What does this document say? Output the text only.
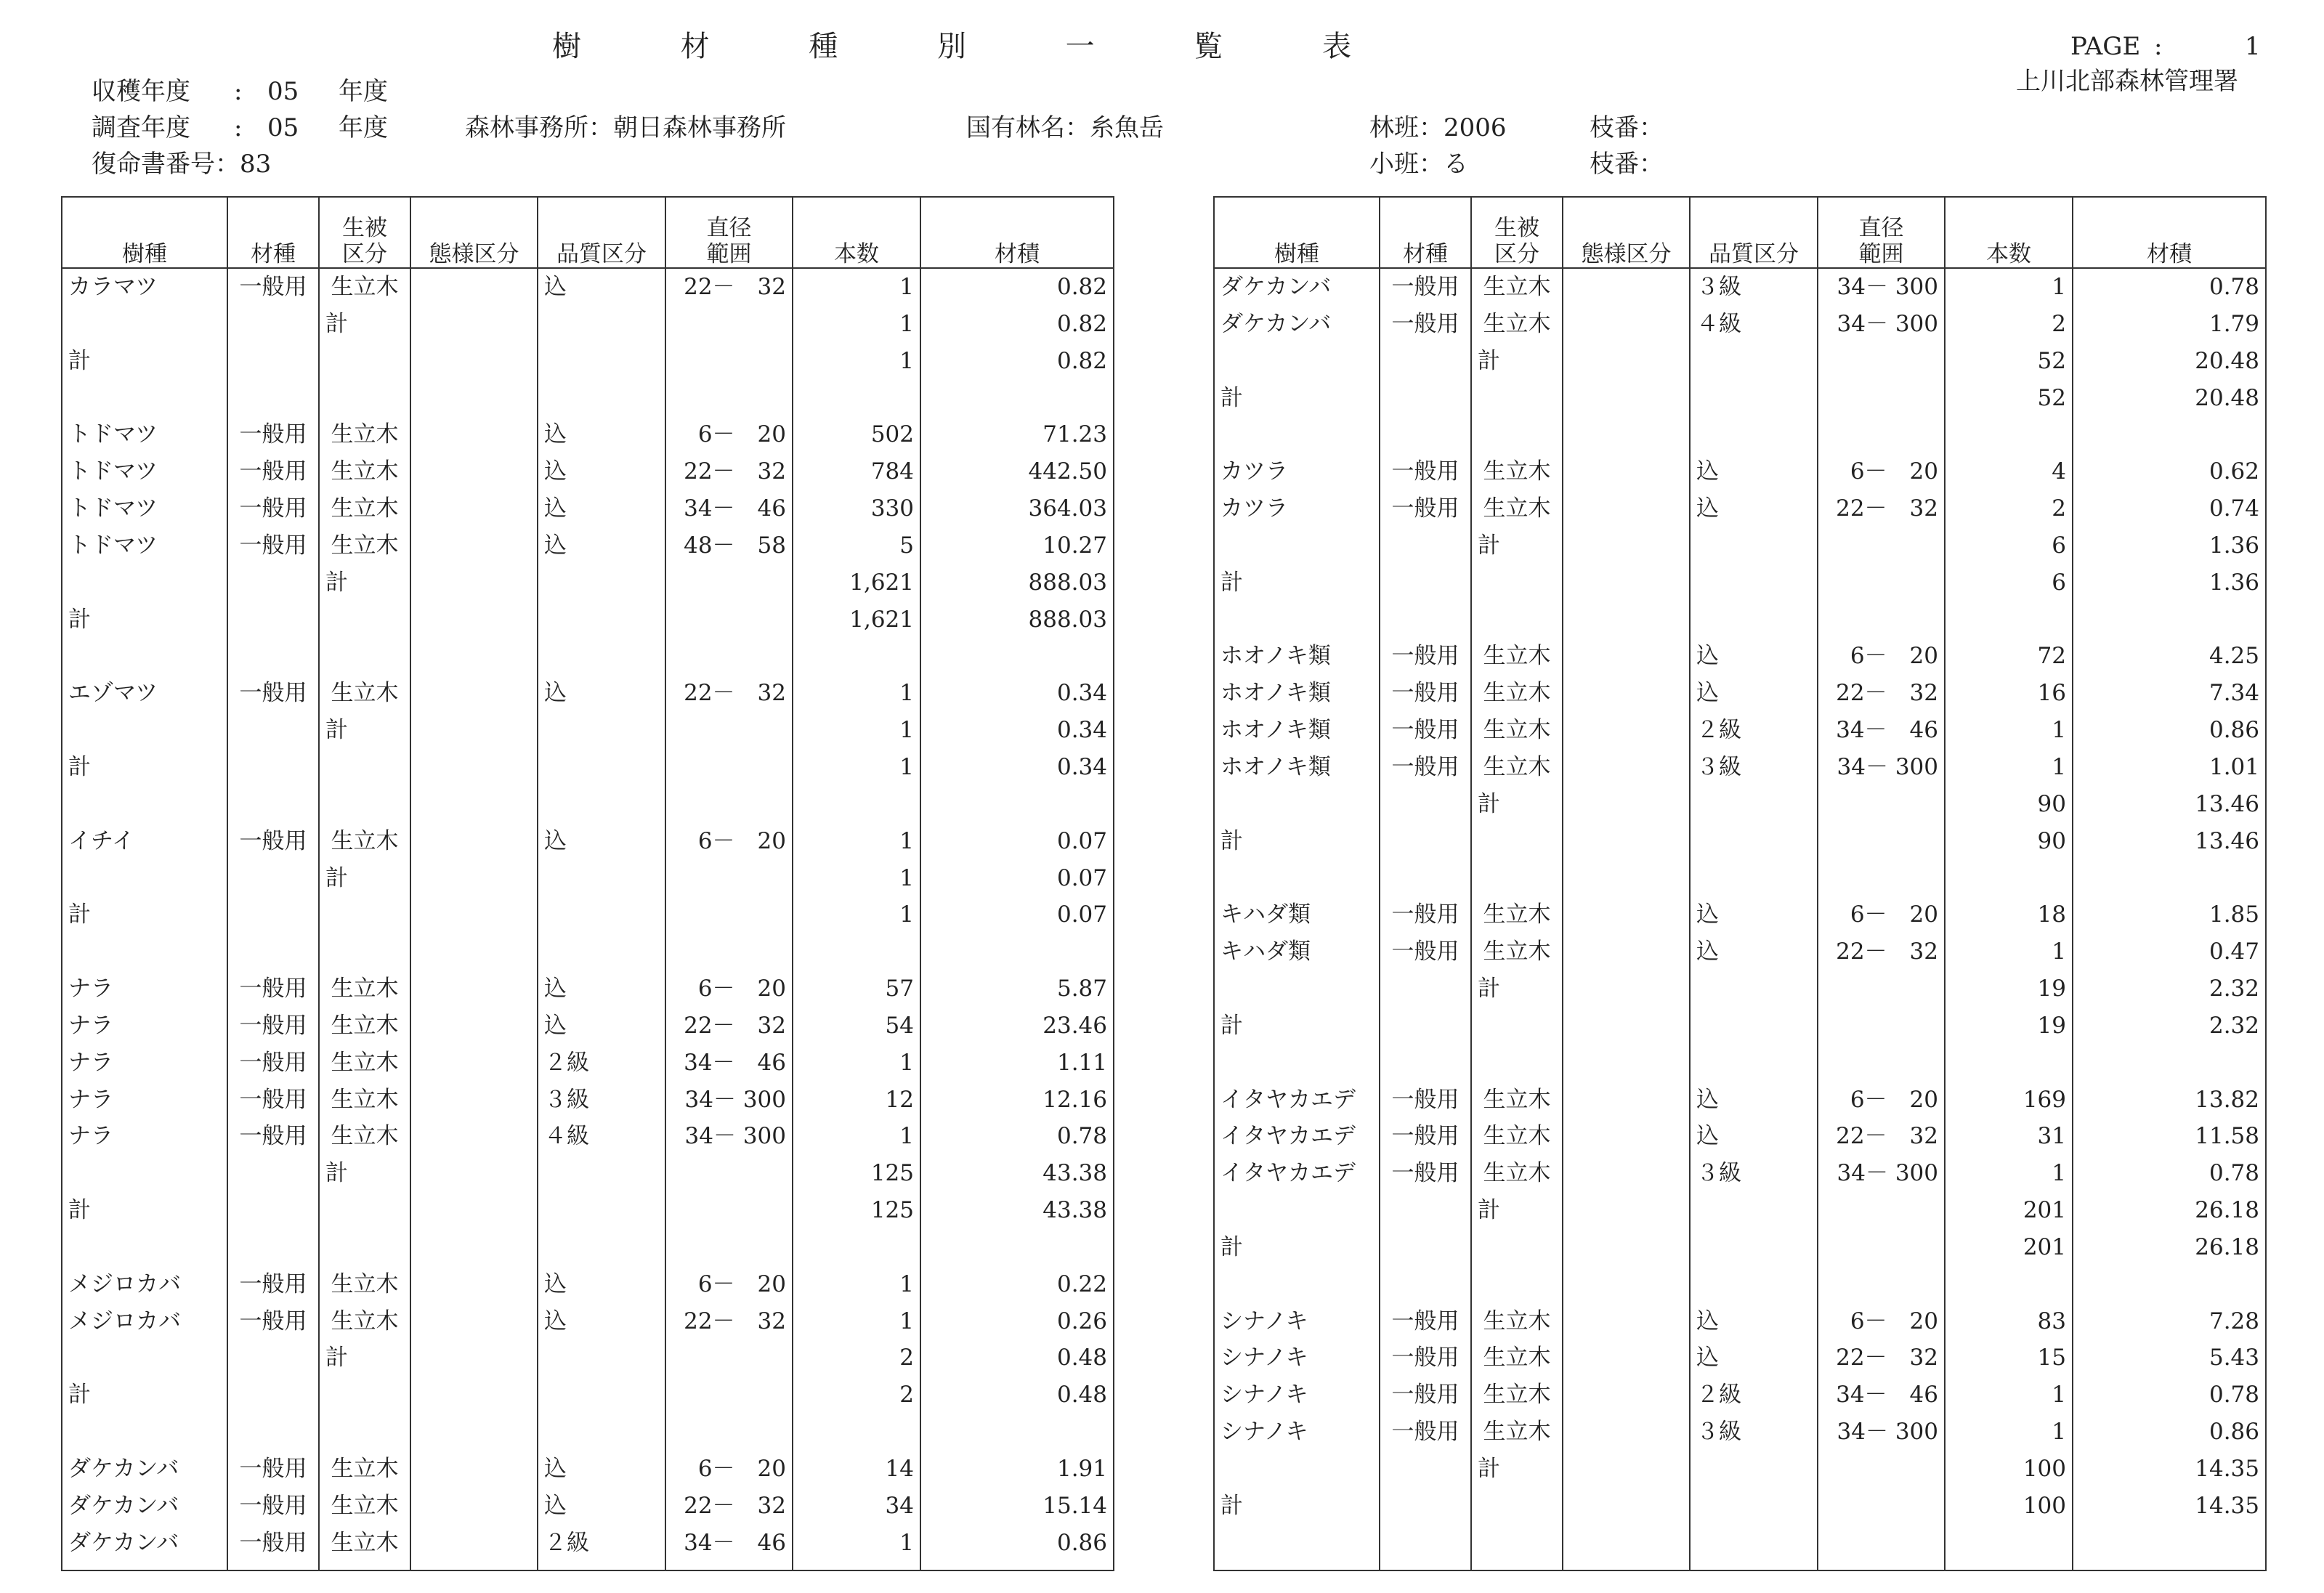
樹	材	種	別	一	覧	表	PAGE :	1
上川北部森林管理署
収穫年度 : 05 年度
調査年度 : 05 年度	森林事務所：朝日森林事務所	国有林名：糸魚岳	林班：2006	枝番：
復命書番号：83	小班：る	枝番：
樹種	材種	生被
区分	態様区分	品質区分	直径
範囲	本数	材積
カラマツ	一般用	生立木		込	22－　32	1	0.82
		計				1	0.82
計						1	0.82

トドマツ	一般用	生立木		込	6－　20	502	71.23
トドマツ	一般用	生立木		込	22－　32	784	442.50
トドマツ	一般用	生立木		込	34－　46	330	364.03
トドマツ	一般用	生立木		込	48－　58	5	10.27
		計				1,621	888.03
計						1,621	888.03

エゾマツ	一般用	生立木		込	22－　32	1	0.34
		計				1	0.34
計						1	0.34

イチイ	一般用	生立木		込	6－　20	1	0.07
		計				1	0.07
計						1	0.07

ナラ	一般用	生立木		込	6－　20	57	5.87
ナラ	一般用	生立木		込	22－　32	54	23.46
ナラ	一般用	生立木		２級	34－　46	1	1.11
ナラ	一般用	生立木		３級	34－ 300	12	12.16
ナラ	一般用	生立木		４級	34－ 300	1	0.78
		計				125	43.38
計						125	43.38

メジロカバ	一般用	生立木		込	6－　20	1	0.22
メジロカバ	一般用	生立木		込	22－　32	1	0.26
		計				2	0.48
計						2	0.48

ダケカンバ	一般用	生立木		込	6－　20	14	1.91
ダケカンバ	一般用	生立木		込	22－　32	34	15.14
ダケカンバ	一般用	生立木		２級	34－　46	1	0.86
樹種	材種	生被
区分	態様区分	品質区分	直径
範囲	本数	材積
ダケカンバ	一般用	生立木		３級	34－ 300	1	0.78
ダケカンバ	一般用	生立木		４級	34－ 300	2	1.79
		計				52	20.48
計						52	20.48

カツラ	一般用	生立木		込	6－　20	4	0.62
カツラ	一般用	生立木		込	22－　32	2	0.74
		計				6	1.36
計						6	1.36

ホオノキ類	一般用	生立木		込	6－　20	72	4.25
ホオノキ類	一般用	生立木		込	22－　32	16	7.34
ホオノキ類	一般用	生立木		２級	34－　46	1	0.86
ホオノキ類	一般用	生立木		３級	34－ 300	1	1.01
		計				90	13.46
計						90	13.46

キハダ類	一般用	生立木		込	6－　20	18	1.85
キハダ類	一般用	生立木		込	22－　32	1	0.47
		計				19	2.32
計						19	2.32

イタヤカエデ	一般用	生立木		込	6－　20	169	13.82
イタヤカエデ	一般用	生立木		込	22－　32	31	11.58
イタヤカエデ	一般用	生立木		３級	34－ 300	1	0.78
		計				201	26.18
計						201	26.18

シナノキ	一般用	生立木		込	6－　20	83	7.28
シナノキ	一般用	生立木		込	22－　32	15	5.43
シナノキ	一般用	生立木		２級	34－　46	1	0.78
シナノキ	一般用	生立木		３級	34－ 300	1	0.86
		計				100	14.35
計						100	14.35
